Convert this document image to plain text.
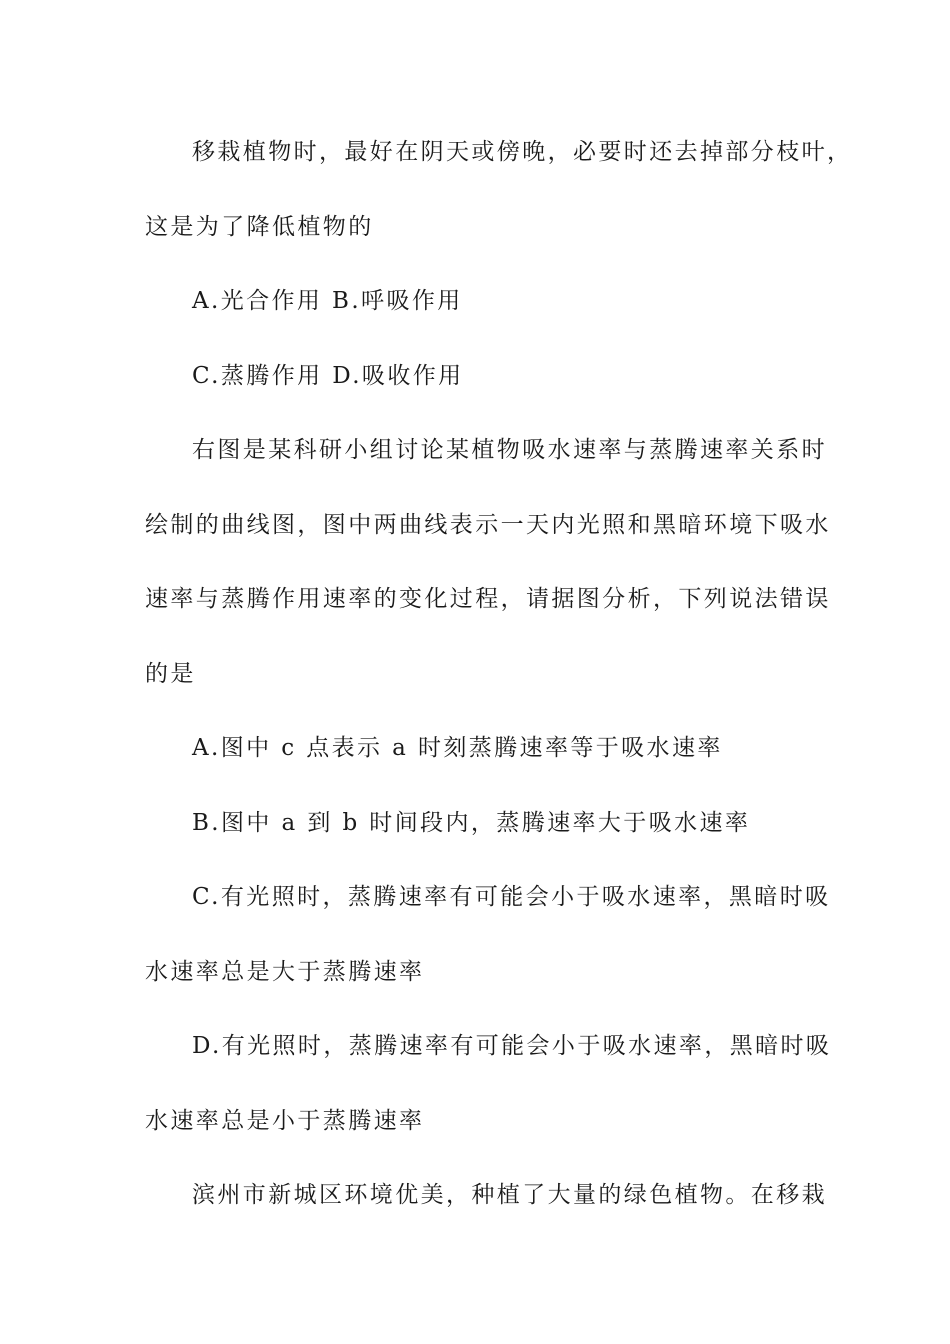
移栽植物时，最好在阴天或傍晚，必要时还去掉部分枝叶，
这是为了降低植物的
A.光合作用 B.呼吸作用
C.蒸腾作用 D.吸收作用
右图是某科研小组讨论某植物吸水速率与蒸腾速率关系时
绘制的曲线图，图中两曲线表示一天内光照和黑暗环境下吸水
速率与蒸腾作用速率的变化过程，请据图分析，下列说法错误
的是
A.图中 c 点表示 a 时刻蒸腾速率等于吸水速率
B.图中 a 到 b 时间段内，蒸腾速率大于吸水速率
C.有光照时，蒸腾速率有可能会小于吸水速率，黑暗时吸
水速率总是大于蒸腾速率
D.有光照时，蒸腾速率有可能会小于吸水速率，黑暗时吸
水速率总是小于蒸腾速率
滨州市新城区环境优美，种植了大量的绿色植物。在移栽
